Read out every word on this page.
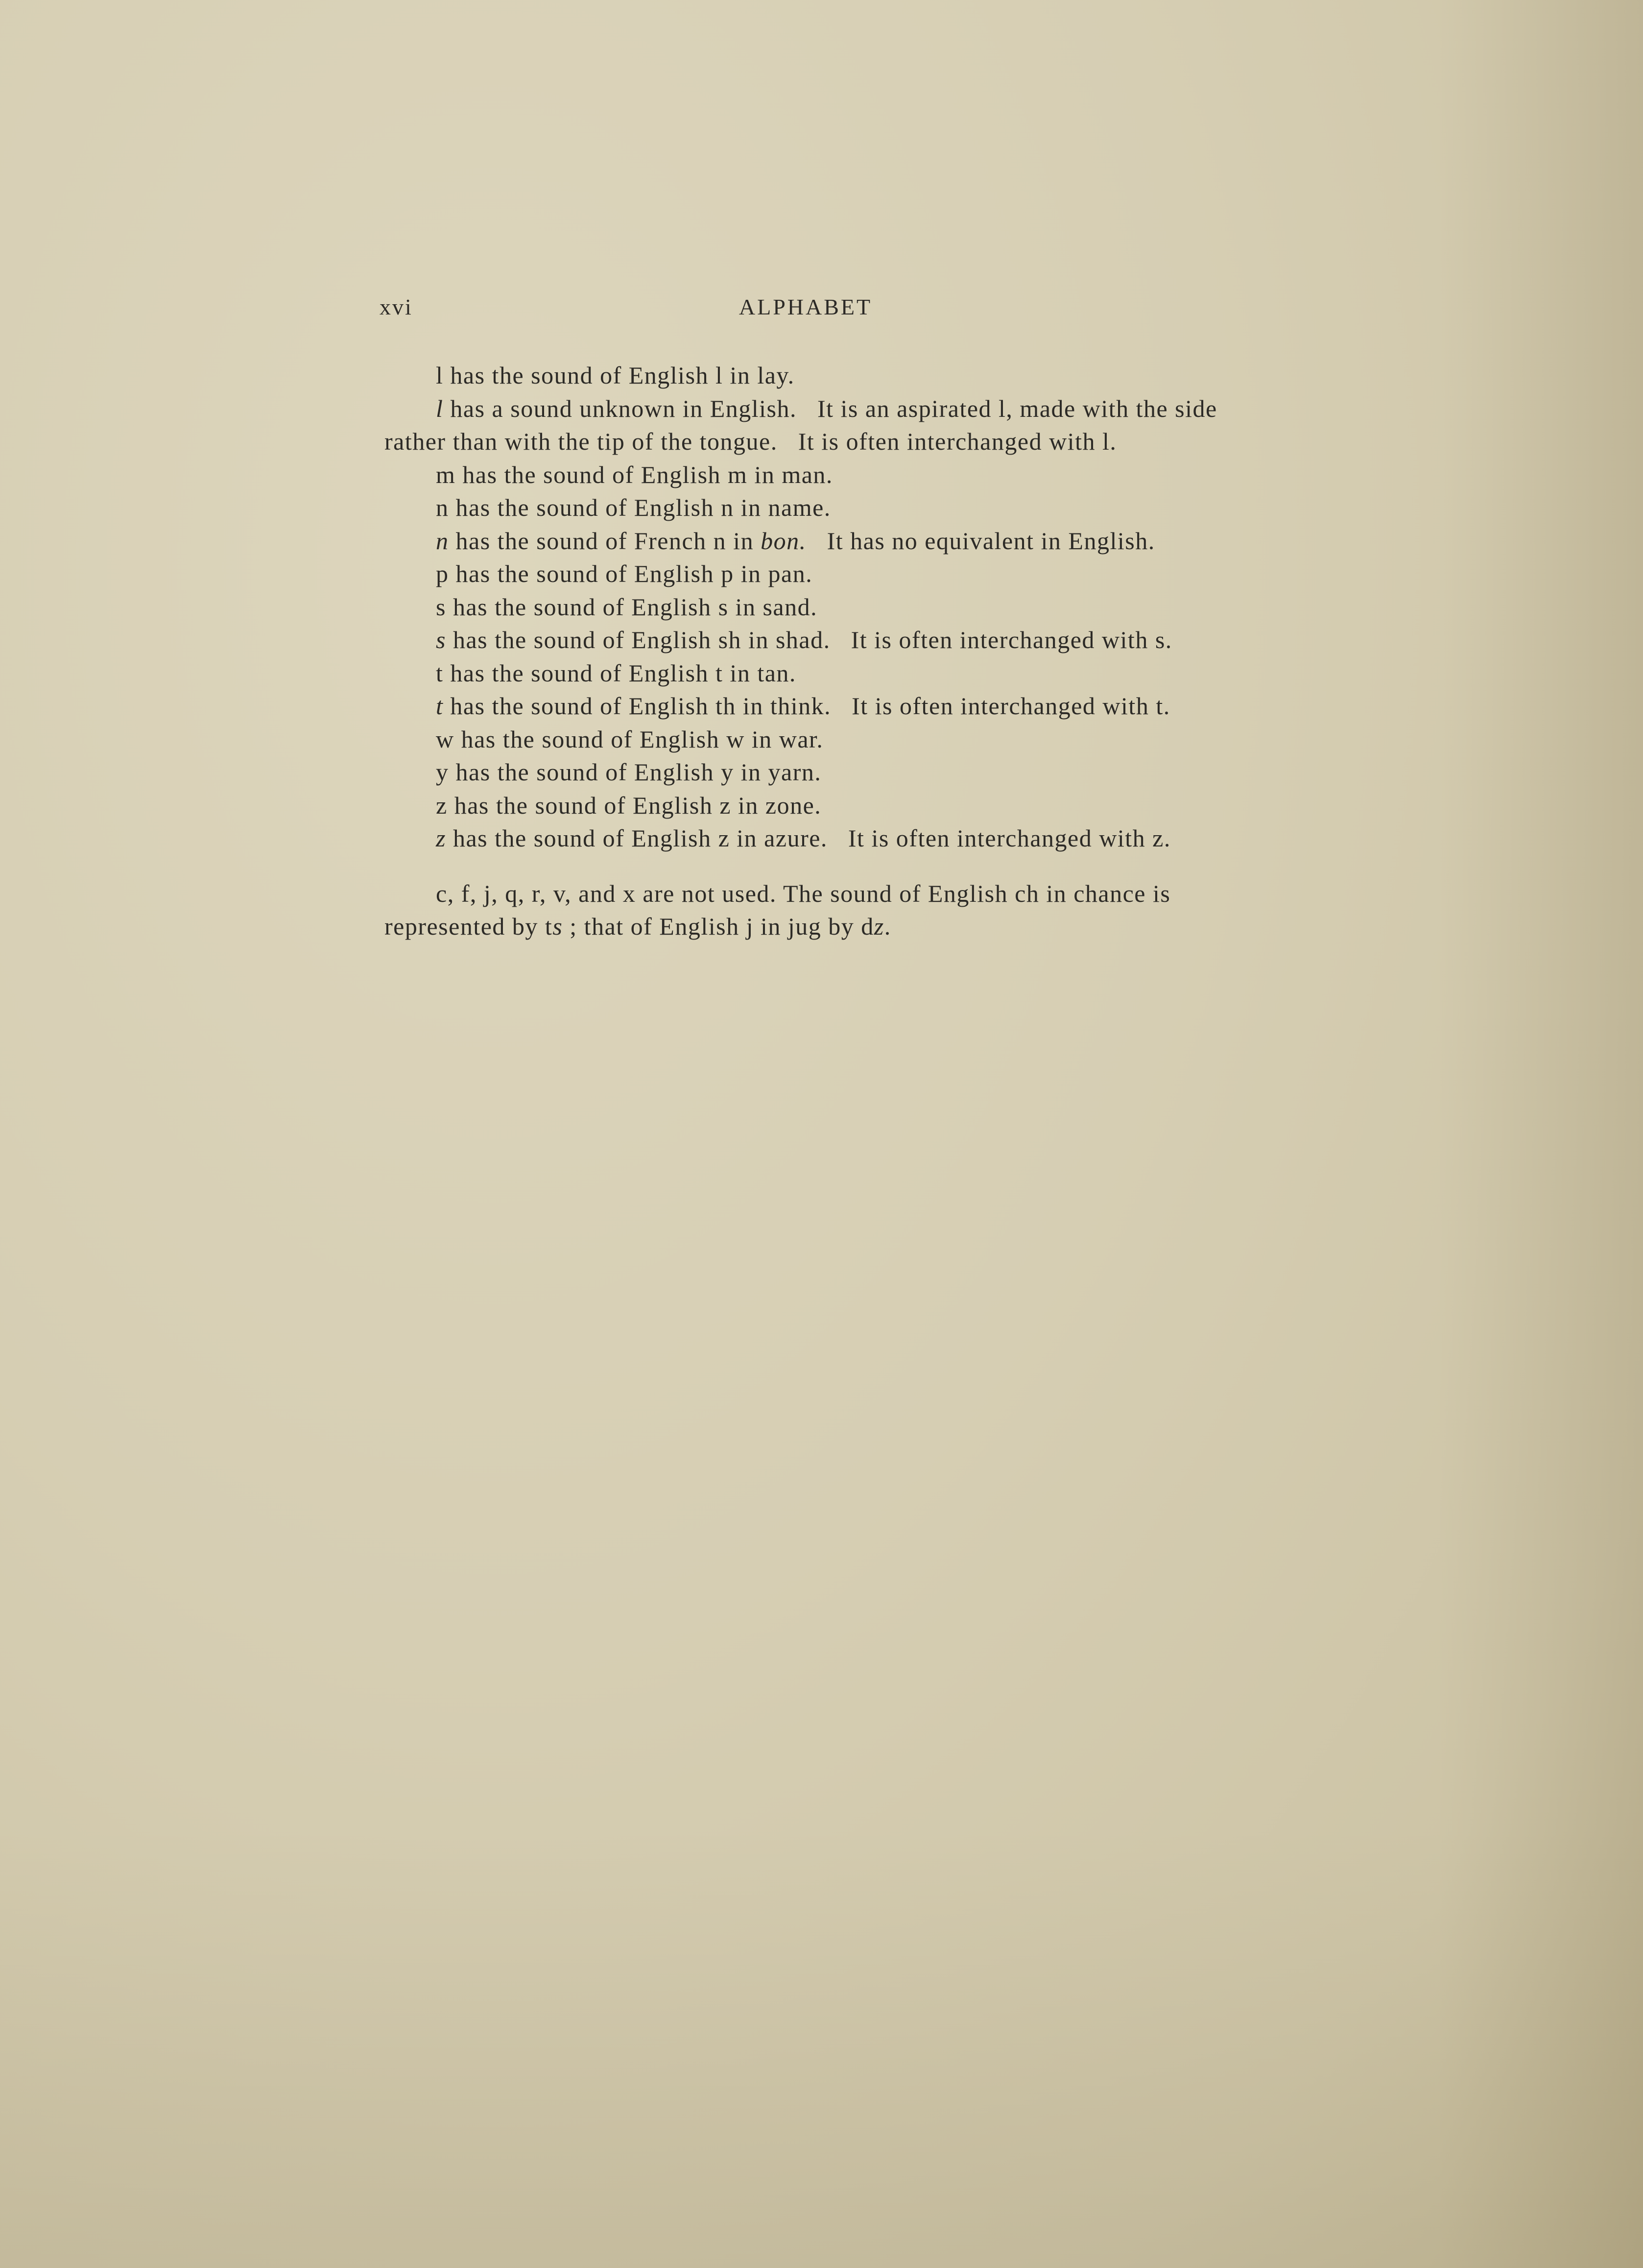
xvi	ALPHABET
l has the sound of English l in lay.
l has a sound unknown in English.   It is an aspirated l, made with the side
rather than with the tip of the tongue.   It is often interchanged with l.
m has the sound of English m in man.
n has the sound of English n in name.
n has the sound of French n in bon.   It has no equivalent in English.
p has the sound of English p in pan.
s has the sound of English s in sand.
s has the sound of English sh in shad.   It is often interchanged with s.
t has the sound of English t in tan.
t has the sound of English th in think.   It is often interchanged with t.
w has the sound of English w in war.
y has the sound of English y in yarn.
z has the sound of English z in zone.
z has the sound of English z in azure.   It is often interchanged with z.
c, f, j, q, r, v, and x are not used. The sound of English ch in chance is
represented by ts ; that of English j in jug by dz.
